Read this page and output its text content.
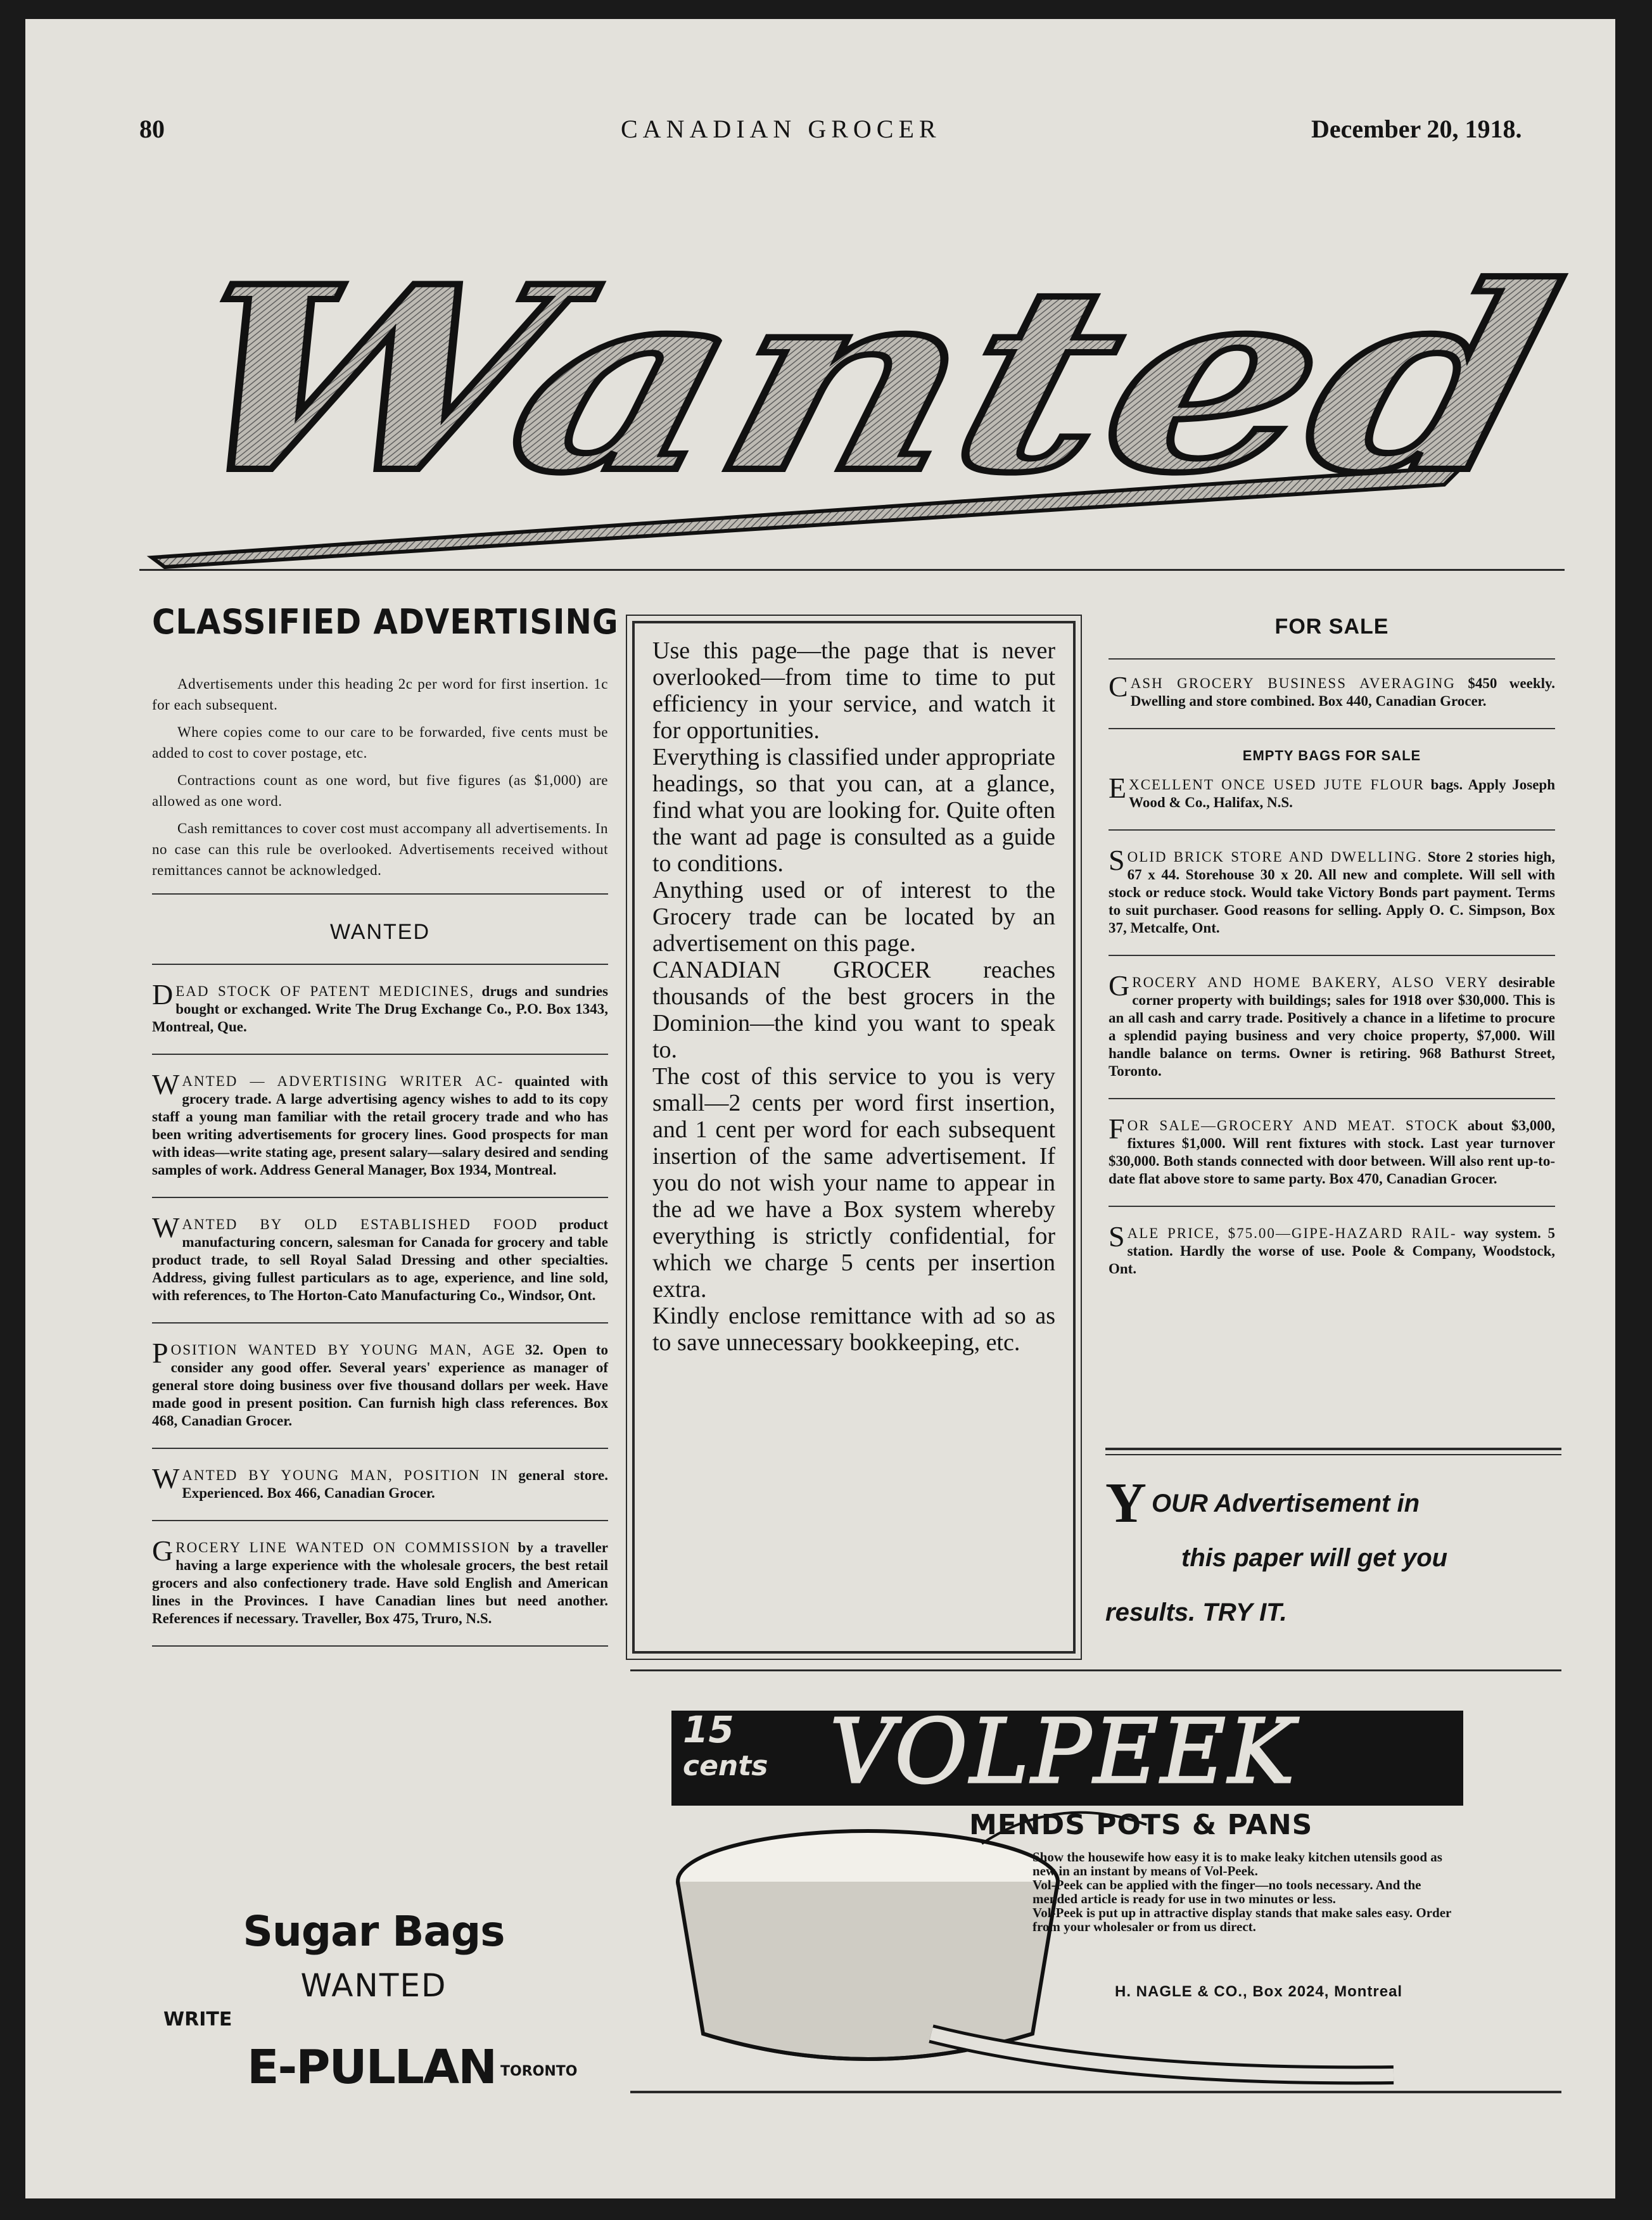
80	CANADIAN GROCER	December 20, 1918.
Wanted
CLASSIFIED ADVERTISING

Advertisements under this heading 2c per word for first insertion. 1c for each subsequent.

Where copies come to our care to be forwarded, five cents must be added to cost to cover postage, etc.

Contractions count as one word, but five figures (as $1,000) are allowed as one word.

Cash remittances to cover cost must accompany all advertisements. In no case can this rule be overlooked. Advertisements received without remittances cannot be acknowledged.

WANTED
DEAD STOCK OF PATENT MEDICINES, drugs and sundries bought or exchanged. Write The Drug Exchange Co., P.O. Box 1343, Montreal, Que.
WANTED — ADVERTISING WRITER AC- quainted with grocery trade. A large advertising agency wishes to add to its copy staff a young man familiar with the retail grocery trade and who has been writing advertisements for grocery lines. Good prospects for man with ideas—write stating age, present salary—salary desired and sending samples of work. Address General Manager, Box 1934, Montreal.
WANTED BY OLD ESTABLISHED FOOD product manufacturing concern, salesman for Canada for grocery and table product trade, to sell Royal Salad Dressing and other specialties. Address, giving fullest particulars as to age, experience, and line sold, with references, to The Horton-Cato Manufacturing Co., Windsor, Ont.
POSITION WANTED BY YOUNG MAN, AGE 32. Open to consider any good offer. Several years' experience as manager of general store doing business over five thousand dollars per week. Have made good in present position. Can furnish high class references. Box 468, Canadian Grocer.
WANTED BY YOUNG MAN, POSITION IN general store. Experienced. Box 466, Canadian Grocer.
GROCERY LINE WANTED ON COMMISSION by a traveller having a large experience with the wholesale grocers, the best retail grocers and also confectionery trade. Have sold English and American lines in the Provinces. I have Canadian lines but need another. References if necessary. Traveller, Box 475, Truro, N.S.

Use this page—the page that is never overlooked—from time to time to put efficiency in your service, and watch it for opportunities.
Everything is classified under appropriate headings, so that you can, at a glance, find what you are looking for. Quite often the want ad page is consulted as a guide to conditions.
Anything used or of interest to the Grocery trade can be located by an advertisement on this page.
CANADIAN GROCER reaches thousands of the best grocers in the Dominion—the kind you want to speak to.
The cost of this service to you is very small—2 cents per word first insertion, and 1 cent per word for each subsequent insertion of the same advertisement. If you do not wish your name to appear in the ad we have a Box system whereby everything is strictly confidential, for which we charge 5 cents per insertion extra.
Kindly enclose remittance with ad so as to save unnecessary bookkeeping, etc.

FOR SALE
CASH GROCERY BUSINESS AVERAGING $450 weekly. Dwelling and store combined. Box 440, Canadian Grocer.
EMPTY BAGS FOR SALE
E XCELLENT ONCE USED JUTE FLOUR bags. Apply Joseph Wood & Co., Halifax, N.S.
SOLID BRICK STORE AND DWELLING. Store 2 stories high, 67 x 44. Storehouse 30 x 20. All new and complete. Will sell with stock or reduce stock. Would take Victory Bonds part payment. Terms to suit purchaser. Good reasons for selling. Apply O. C. Simpson, Box 37, Metcalfe, Ont.
GROCERY AND HOME BAKERY, ALSO VERY desirable corner property with buildings; sales for 1918 over $30,000. This is an all cash and carry trade. Positively a chance in a lifetime to procure a splendid paying business and very choice property, $7,000. Will handle balance on terms. Owner is retiring. 968 Bathurst Street, Toronto.
FOR SALE—GROCERY AND MEAT. STOCK about $3,000, fixtures $1,000. Will rent fixtures with stock. Last year turnover $30,000. Both stands connected with door between. Will also rent up-to-date flat above store to same party. Box 470, Canadian Grocer.
SALE PRICE, $75.00—GIPE-HAZARD RAIL- way system. 5 station. Hardly the worse of use. Poole & Company, Woodstock, Ont.
Y OUR Advertisement in
this paper will get you
results. TRY IT.
Sugar Bags
WANTED
WRITE
E-PULLAN TORONTO
15
cents VOLPEEK
MENDS POTS & PANS

Show the housewife how easy it is to make leaky kitchen utensils good as new in an instant by means of Vol-Peek.

Vol-Peek can be applied with the finger—no tools necessary. And the mended article is ready for use in two minutes or less.

Vol-Peek is put up in attractive display stands that make sales easy. Order from your wholesaler or from us direct.

H. NAGLE & CO., Box 2024, Montreal
